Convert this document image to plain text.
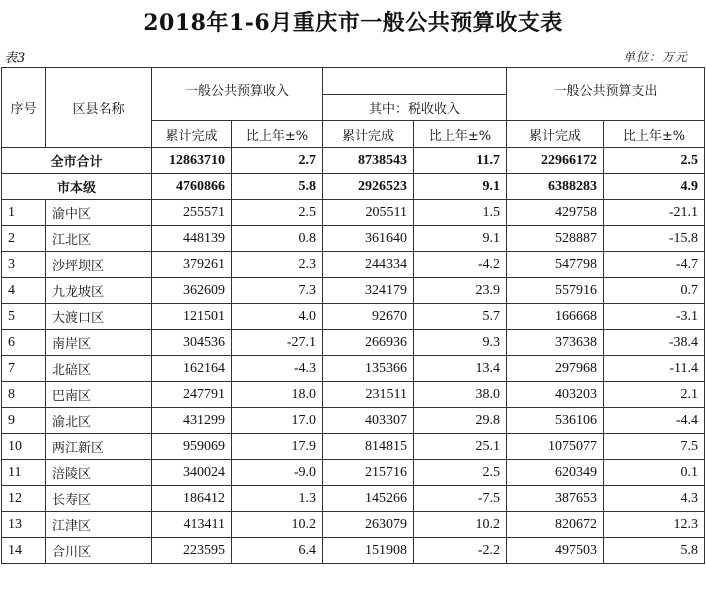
2018年1-6月重庆市一般公共预算收支表
表3	单位：万元
序号	区县名称	一般公共预算收入				一般公共预算支出	
				其中：税收收入			
		累计完成	比上年±%	累计完成	比上年±%	累计完成	比上年±%
全市合计		12863710	2.7	8738543	11.7	22966172	2.5
市本级		4760866	5.8	2926523	9.1	6388283	4.9
1	渝中区	255571	2.5	205511	1.5	429758	-21.1
2	江北区	448139	0.8	361640	9.1	528887	-15.8
3	沙坪坝区	379261	2.3	244334	-4.2	547798	-4.7
4	九龙坡区	362609	7.3	324179	23.9	557916	0.7
5	大渡口区	121501	4.0	92670	5.7	166668	-3.1
6	南岸区	304536	-27.1	266936	9.3	373638	-38.4
7	北碚区	162164	-4.3	135366	13.4	297968	-11.4
8	巴南区	247791	18.0	231511	38.0	403203	2.1
9	渝北区	431299	17.0	403307	29.8	536106	-4.4
10	两江新区	959069	17.9	814815	25.1	1075077	7.5
11	涪陵区	340024	-9.0	215716	2.5	620349	0.1
12	长寿区	186412	1.3	145266	-7.5	387653	4.3
13	江津区	413411	10.2	263079	10.2	820672	12.3
14	合川区	223595	6.4	151908	-2.2	497503	5.8
